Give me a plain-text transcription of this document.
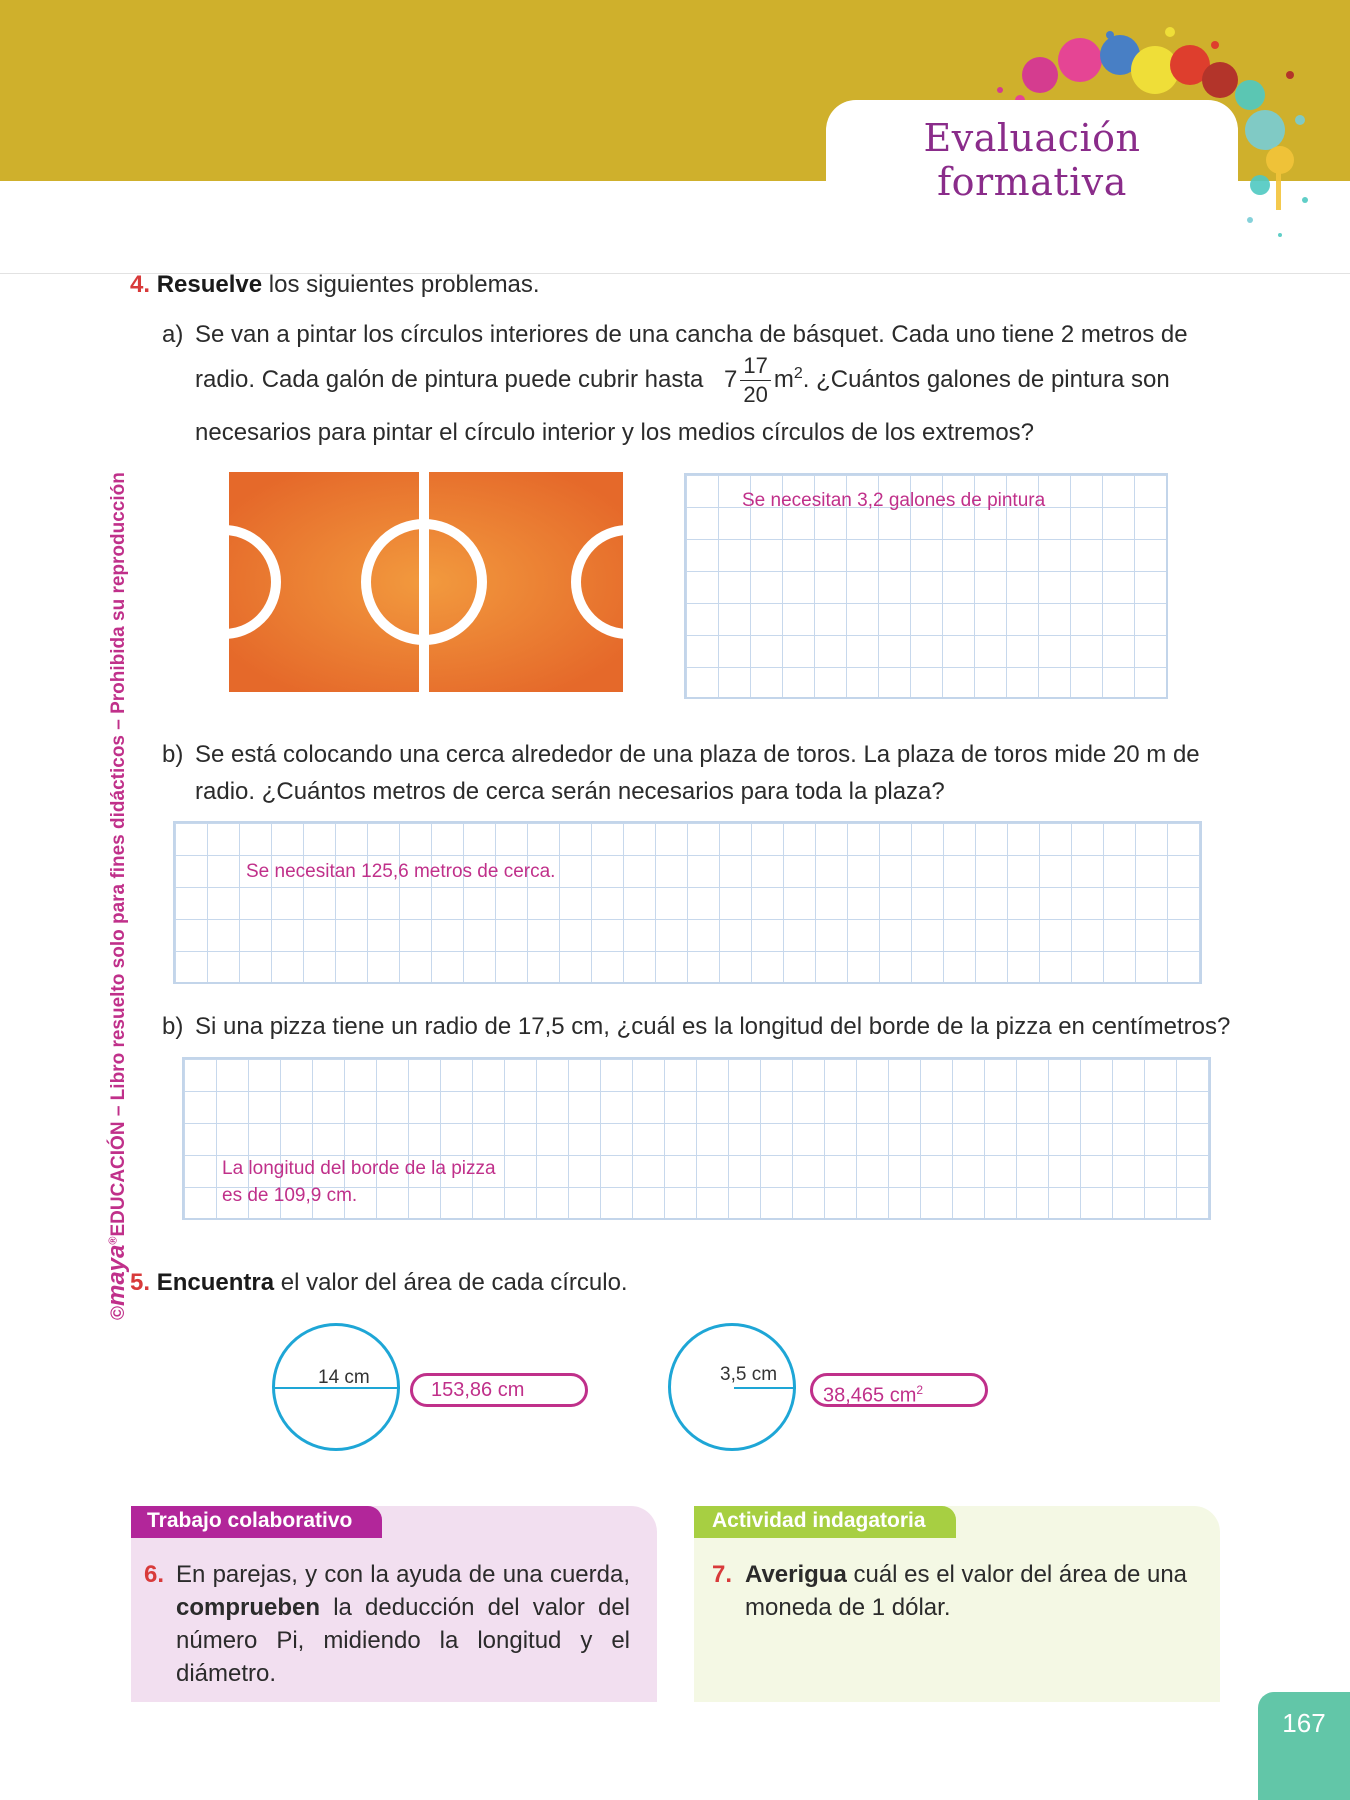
Evaluación formativa
©maya®EDUCACIÓN – Libro resuelto solo para fines didácticos – Prohibida su reproducción
4. Resuelve los siguientes problemas.
a) Se van a pintar los círculos interiores de una cancha de básquet. Cada uno tiene 2 metros de
radio. Cada galón de pintura puede cubrir hasta $7 \frac{17}{20} m^2$. ¿Cuántos galones de pintura son
necesarios para pintar el círculo interior y los medios círculos de los extremos?
Se necesitan 3,2 galones de pintura
b) Se está colocando una cerca alrededor de una plaza de toros. La plaza de toros mide 20 m de
radio. ¿Cuántos metros de cerca serán necesarios para toda la plaza?
Se necesitan 125,6 metros de cerca.
b) Si una pizza tiene un radio de 17,5 cm, ¿cuál es la longitud del borde de la pizza en centímetros?
La longitud del borde de la pizza
es de 109,9 cm.
5. Encuentra el valor del área de cada círculo.
14 cm
153,86 cm
3,5 cm
38,465 $cm^2$
Trabajo colaborativo
6. En parejas, y con la ayuda de una cuerda, comprueben la deducción del valor del número Pi, midiendo la longitud y el diámetro.
Actividad indagatoria
7. Averigua cuál es el valor del área de una moneda de 1 dólar.
167
